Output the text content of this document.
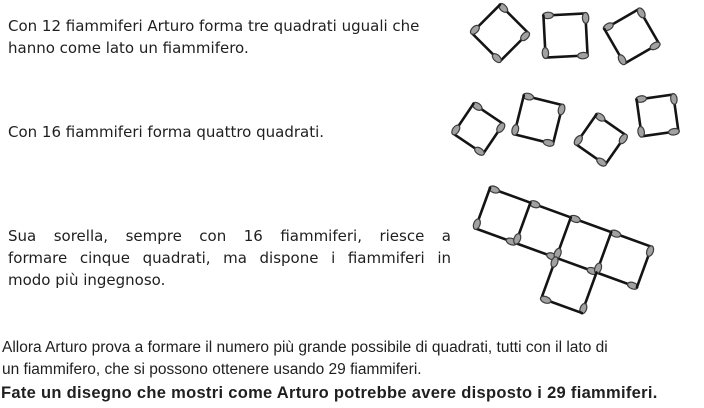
Con 12 fiammiferi Arturo forma tre quadrati uguali che
hanno come lato un fiammifero.
Con 16 fiammiferi forma quattro quadrati.
Sua sorella, sempre con 16 fiammiferi, riesce a
formare cinque quadrati, ma dispone i fiammiferi in
modo più ingegnoso.
Allora Arturo prova a formare il numero più grande possibile di quadrati, tutti con il lato di
un fiammifero, che si possono ottenere usando 29 fiammiferi.
Fate un disegno che mostri come Arturo potrebbe avere disposto i 29 fiammiferi.
